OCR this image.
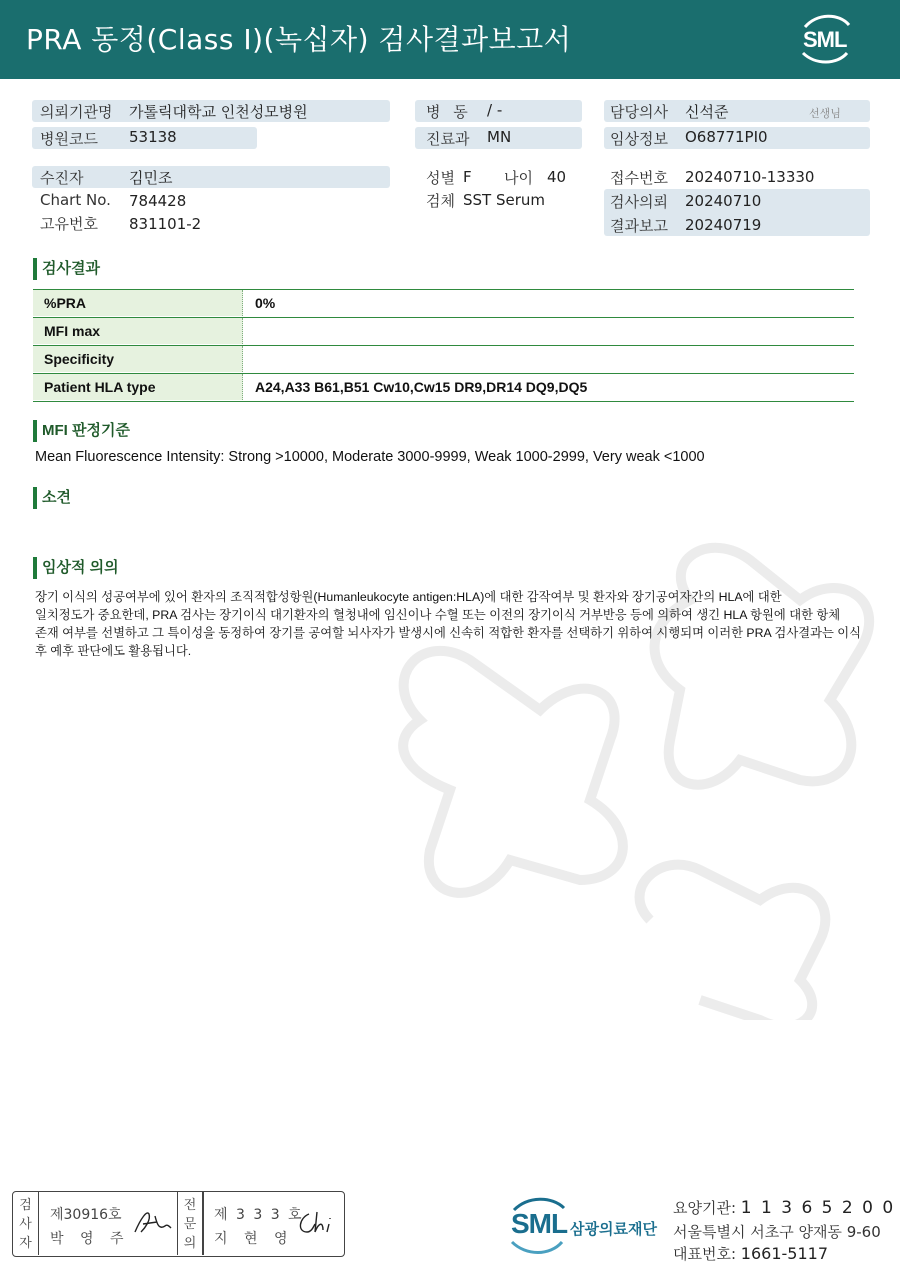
PRA 동정(Class I)(녹십자) 검사결과보고서	SML
의뢰기관명 가톨릭대학교 인천성모병원
병원코드 53138
수진자	김민조
Chart No. 784428
고유번호 831101-2
병 동 / -
진료과 MN
성별 F 나이 40
검체 SST Serum
담당의사 신석준	선생님
임상정보 O68771PI0
접수번호 20240710-13330
검사의뢰 20240710
결과보고 20240719
검사결과
%PRA	0%
MFI max
Specificity
Patient HLA type	A24,A33 B61,B51 Cw10,Cw15 DR9,DR14 DQ9,DQ5
MFI 판정기준
Mean Fluorescence Intensity: Strong >10000, Moderate 3000-9999, Weak 1000-2999, Very weak <1000
소견
임상적 의의
장기 이식의 성공여부에 있어 환자의 조직적합성항원(Humanleukocyte antigen:HLA)에 대한 감작여부 및 환자와 장기공여자간의 HLA에 대한
일치정도가 중요한데, PRA 검사는 장기이식 대기환자의 혈청내에 임신이나 수혈 또는 이전의 장기이식 거부반응 등에 의하여 생긴 HLA 항원에 대한 항체
존재 여부를 선별하고 그 특이성을 동정하여 장기를 공여할 뇌사자가 발생시에 신속히 적합한 환자를 선택하기 위하여 시행되며 이러한 PRA 검사결과는 이식
후 예후 판단에도 활용됩니다.
검
사
자
제30916호
박 영 주
전
문
의
제 3 3 3 호
지 현 영	SML 삼광의료재단
요양기관: 1 1 3 6 5 2 0 0
서울특별시 서초구 양재동 9-60
대표번호: 1661-5117
